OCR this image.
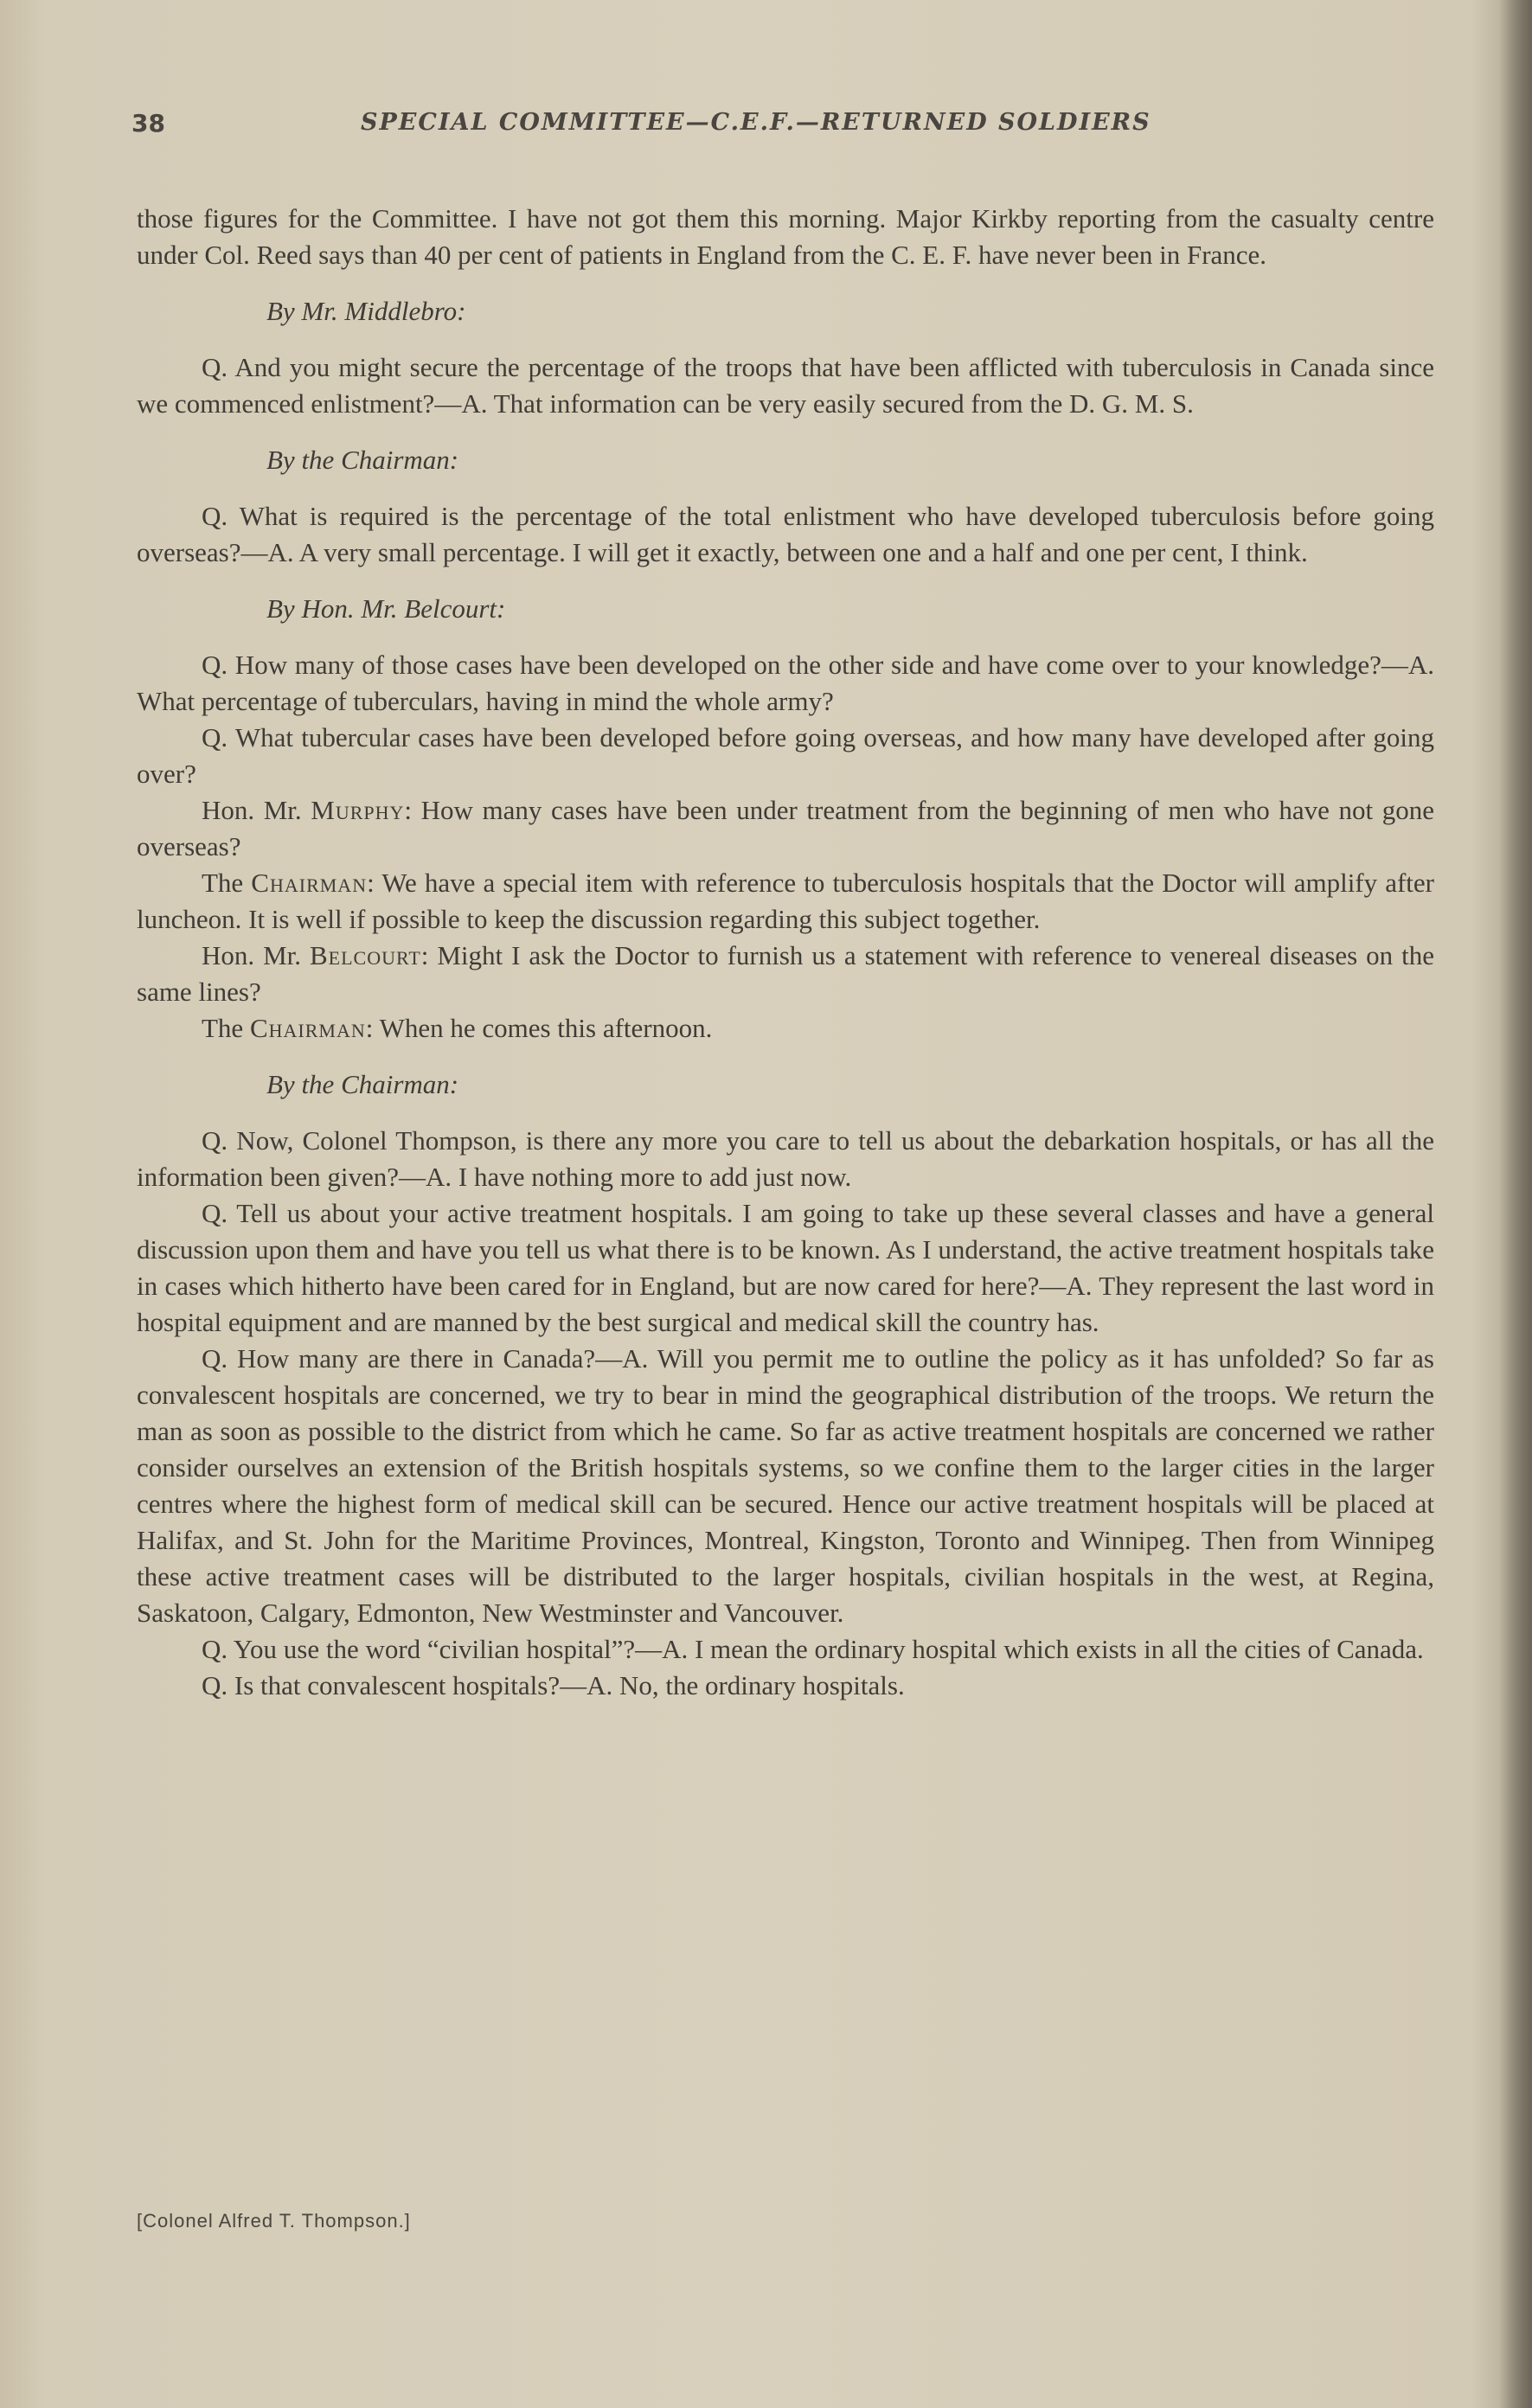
38	SPECIAL COMMITTEE—C.E.F.—RETURNED SOLDIERS

those figures for the Committee. I have not got them this morning. Major Kirkby reporting from the casualty centre under Col. Reed says than 40 per cent of patients in England from the C. E. F. have never been in France.

By Mr. Middlebro:

Q. And you might secure the percentage of the troops that have been afflicted with tuberculosis in Canada since we commenced enlistment?—A. That information can be very easily secured from the D. G. M. S.

By the Chairman:

Q. What is required is the percentage of the total enlistment who have developed tuberculosis before going overseas?—A. A very small percentage. I will get it exactly, between one and a half and one per cent, I think.

By Hon. Mr. Belcourt:

Q. How many of those cases have been developed on the other side and have come over to your knowledge?—A. What percentage of tuberculars, having in mind the whole army?

Q. What tubercular cases have been developed before going overseas, and how many have developed after going over?

Hon. Mr. Murphy: How many cases have been under treatment from the beginning of men who have not gone overseas?

The Chairman: We have a special item with reference to tuberculosis hospitals that the Doctor will amplify after luncheon. It is well if possible to keep the discussion regarding this subject together.

Hon. Mr. Belcourt: Might I ask the Doctor to furnish us a statement with reference to venereal diseases on the same lines?

The Chairman: When he comes this afternoon.

By the Chairman:

Q. Now, Colonel Thompson, is there any more you care to tell us about the debarkation hospitals, or has all the information been given?—A. I have nothing more to add just now.

Q. Tell us about your active treatment hospitals. I am going to take up these several classes and have a general discussion upon them and have you tell us what there is to be known. As I understand, the active treatment hospitals take in cases which hitherto have been cared for in England, but are now cared for here?—A. They represent the last word in hospital equipment and are manned by the best surgical and medical skill the country has.

Q. How many are there in Canada?—A. Will you permit me to outline the policy as it has unfolded? So far as convalescent hospitals are concerned, we try to bear in mind the geographical distribution of the troops. We return the man as soon as possible to the district from which he came. So far as active treatment hospitals are concerned we rather consider ourselves an extension of the British hospitals systems, so we confine them to the larger cities in the larger centres where the highest form of medical skill can be secured. Hence our active treatment hospitals will be placed at Halifax, and St. John for the Maritime Provinces, Montreal, Kingston, Toronto and Winnipeg. Then from Winnipeg these active treatment cases will be distributed to the larger hospitals, civilian hospitals in the west, at Regina, Saskatoon, Calgary, Edmonton, New Westminster and Vancouver.

Q. You use the word “civilian hospital”?—A. I mean the ordinary hospital which exists in all the cities of Canada.

Q. Is that convalescent hospitals?—A. No, the ordinary hospitals.

[Colonel Alfred T. Thompson.]
